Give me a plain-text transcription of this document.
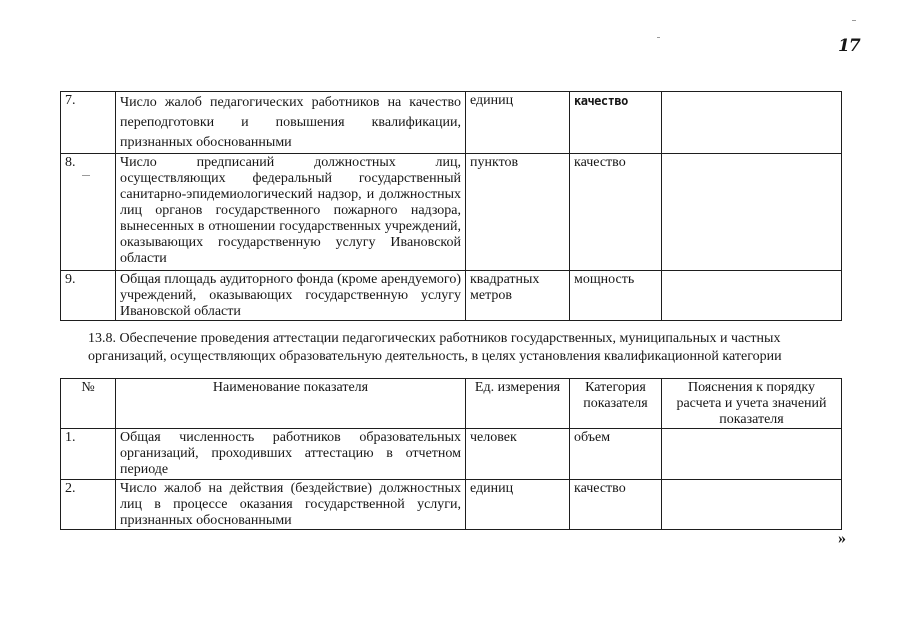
17
7.	Число жалоб педагогических работников на качество переподготовки и повышения квалификации, признанных обоснованными	единиц	качество	
8.	Число предписаний должностных лиц, осуществляющих федеральный государственный санитарно-эпидемиологический надзор, и должностных лиц органов государственного пожарного надзора, вынесенных в отношении государственных учреждений, оказывающих государственную услугу Ивановской области	пунктов	качество	
9.	Общая площадь аудиторного фонда (кроме арендуемого) учреждений, оказывающих государственную услугу Ивановской области	квадратных метров	мощность	
13.8. Обеспечение проведения аттестации педагогических работников государственных, муниципальных и частных организаций, осуществляющих образовательную деятельность, в целях установления квалификационной категории
№	Наименование показателя	Ед. измерения	Категория показателя	Пояснения к порядку расчета и учета значений показателя
1.	Общая численность работников образовательных организаций, проходивших аттестацию в отчетном периоде	человек	объем	
2.	Число жалоб на действия (бездействие) должностных лиц в процессе оказания государственной услуги, признанных обоснованными	единиц	качество	
»
